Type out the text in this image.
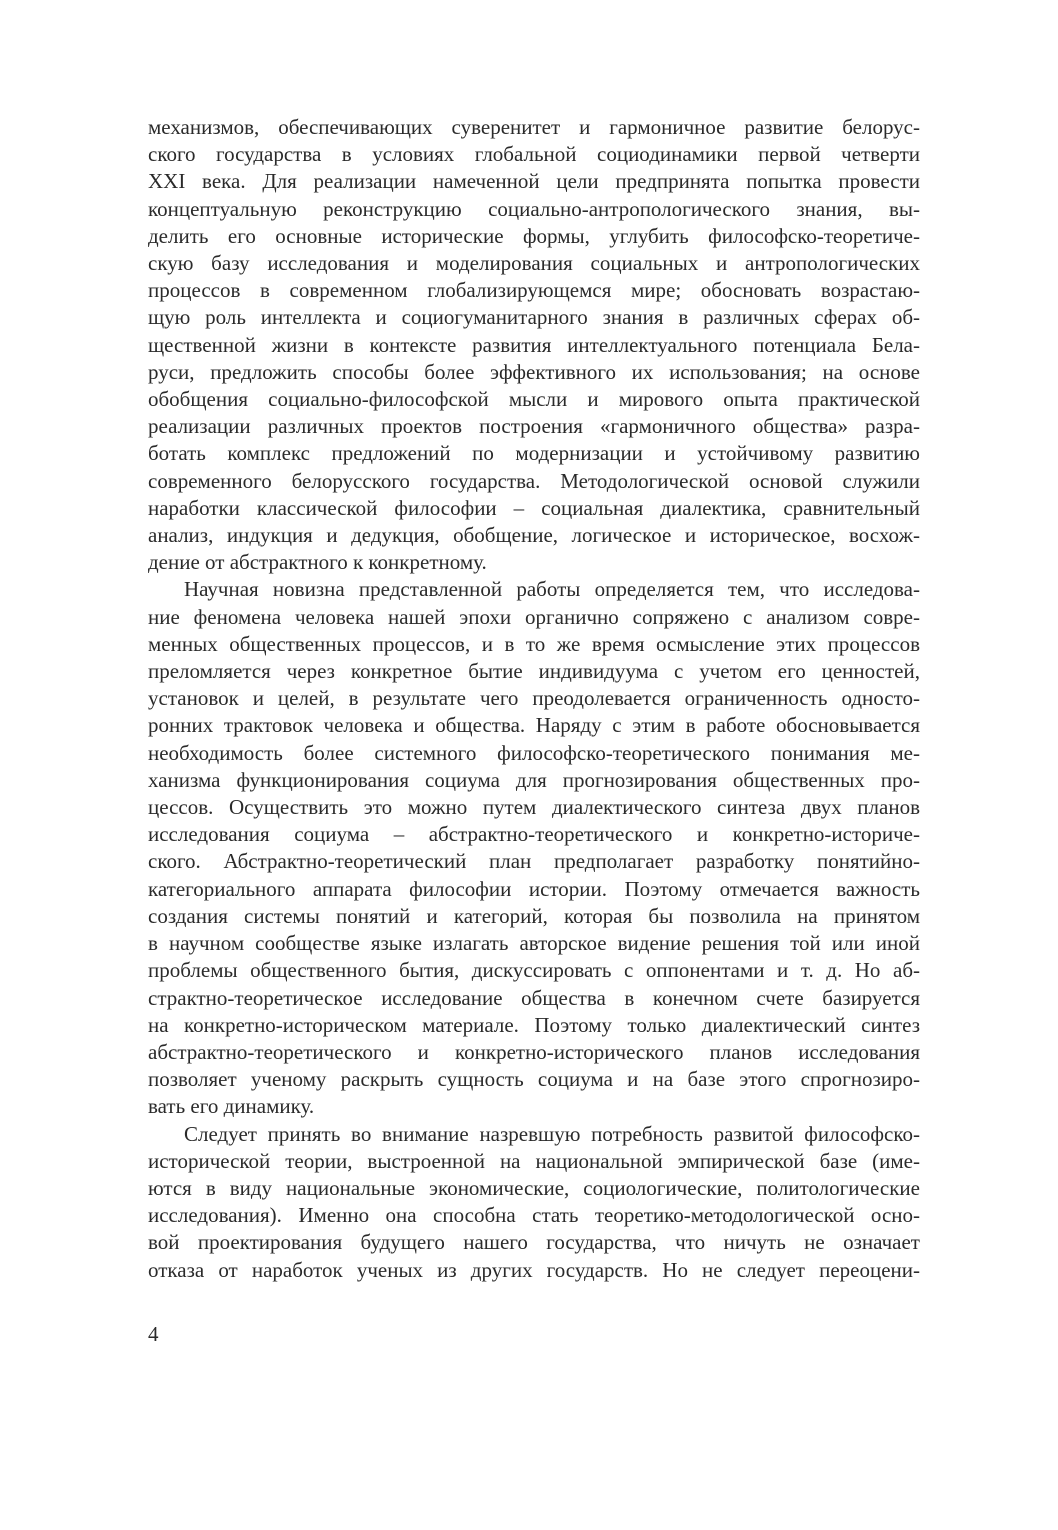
механизмов, обеспечивающих суверенитет и гармоничное развитие белорус-
ского государства в условиях глобальной социодинамики первой четверти
XXI века. Для реализации намеченной цели предпринята попытка провести
концептуальную реконструкцию социально-антропологического знания, вы-
делить его основные исторические формы, углубить философско-теоретиче-
скую базу исследования и моделирования социальных и антропологических
процессов в современном глобализирующемся мире; обосновать возрастаю-
щую роль интеллекта и социогуманитарного знания в различных сферах об-
щественной жизни в контексте развития интеллектуального потенциала Бела-
руси, предложить способы более эффективного их использования; на основе
обобщения социально-философской мысли и мирового опыта практической
реализации различных проектов построения «гармоничного общества» разра-
ботать комплекс предложений по модернизации и устойчивому развитию
современного белорусского государства. Методологической основой служили
наработки классической философии – социальная диалектика, сравнительный
анализ, индукция и дедукция, обобщение, логическое и историческое, восхож-
дение от абстрактного к конкретному.
Научная новизна представленной работы определяется тем, что исследова-
ние феномена человека нашей эпохи органично сопряжено с анализом совре-
менных общественных процессов, и в то же время осмысление этих процессов
преломляется через конкретное бытие индивидуума с учетом его ценностей,
установок и целей, в результате чего преодолевается ограниченность односто-
ронних трактовок человека и общества. Наряду с этим в работе обосновывается
необходимость более системного философско-теоретического понимания ме-
ханизма функционирования социума для прогнозирования общественных про-
цессов. Осуществить это можно путем диалектического синтеза двух планов
исследования социума – абстрактно-теоретического и конкретно-историче-
ского. Абстрактно-теоретический план предполагает разработку понятийно-
категориального аппарата философии истории. Поэтому отмечается важность
создания системы понятий и категорий, которая бы позволила на принятом
в научном сообществе языке излагать авторское видение решения той или иной
проблемы общественного бытия, дискуссировать с оппонентами и т. д. Но аб-
страктно-теоретическое исследование общества в конечном счете базируется
на конкретно-историческом материале. Поэтому только диалектический синтез
абстрактно-теоретического и конкретно-исторического планов исследования
позволяет ученому раскрыть сущность социума и на базе этого спрогнозиро-
вать его динамику.
Следует принять во внимание назревшую потребность развитой философско-
исторической теории, выстроенной на национальной эмпирической базе (име-
ются в виду национальные экономические, социологические, политологические
исследования). Именно она способна стать теоретико-методологической осно-
вой проектирования будущего нашего государства, что ничуть не означает
отказа от наработок ученых из других государств. Но не следует переоцени-
4
